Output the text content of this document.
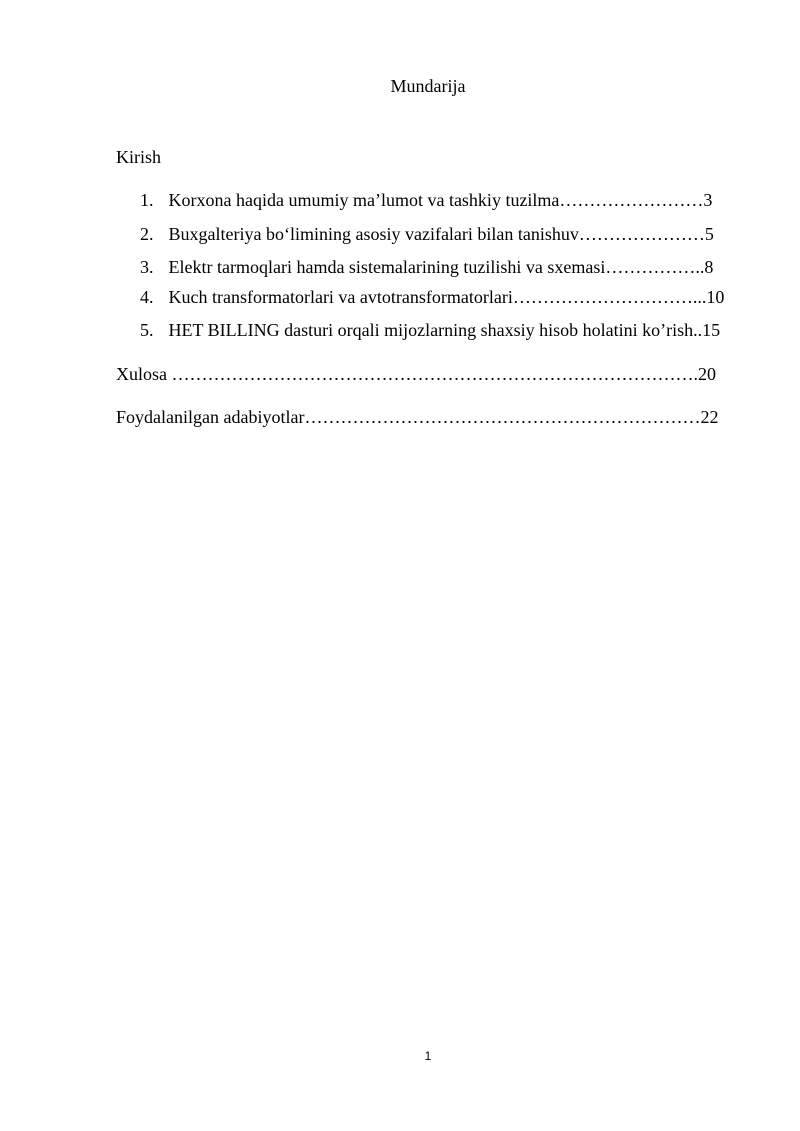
Mundarija
Kirish
1. Korxona haqida umumiy ma’lumot va tashkiy tuzilma……………………3
2. Buxgalteriya bo‘limining asosiy vazifalari bilan tanishuv…………………5
3. Elektr tarmoqlari hamda sistemalarining tuzilishi va sxemasi……………..8
4. Kuch transformatorlari va avtotransformatorlari…………………………...10
5. HET BILLING dasturi orqali mijozlarning shaxsiy hisob holatini ko’rish..15
Xulosa …………………………………………………………………………….20
Foydalanilgan adabiyotlar…………………………………………………………22
1
